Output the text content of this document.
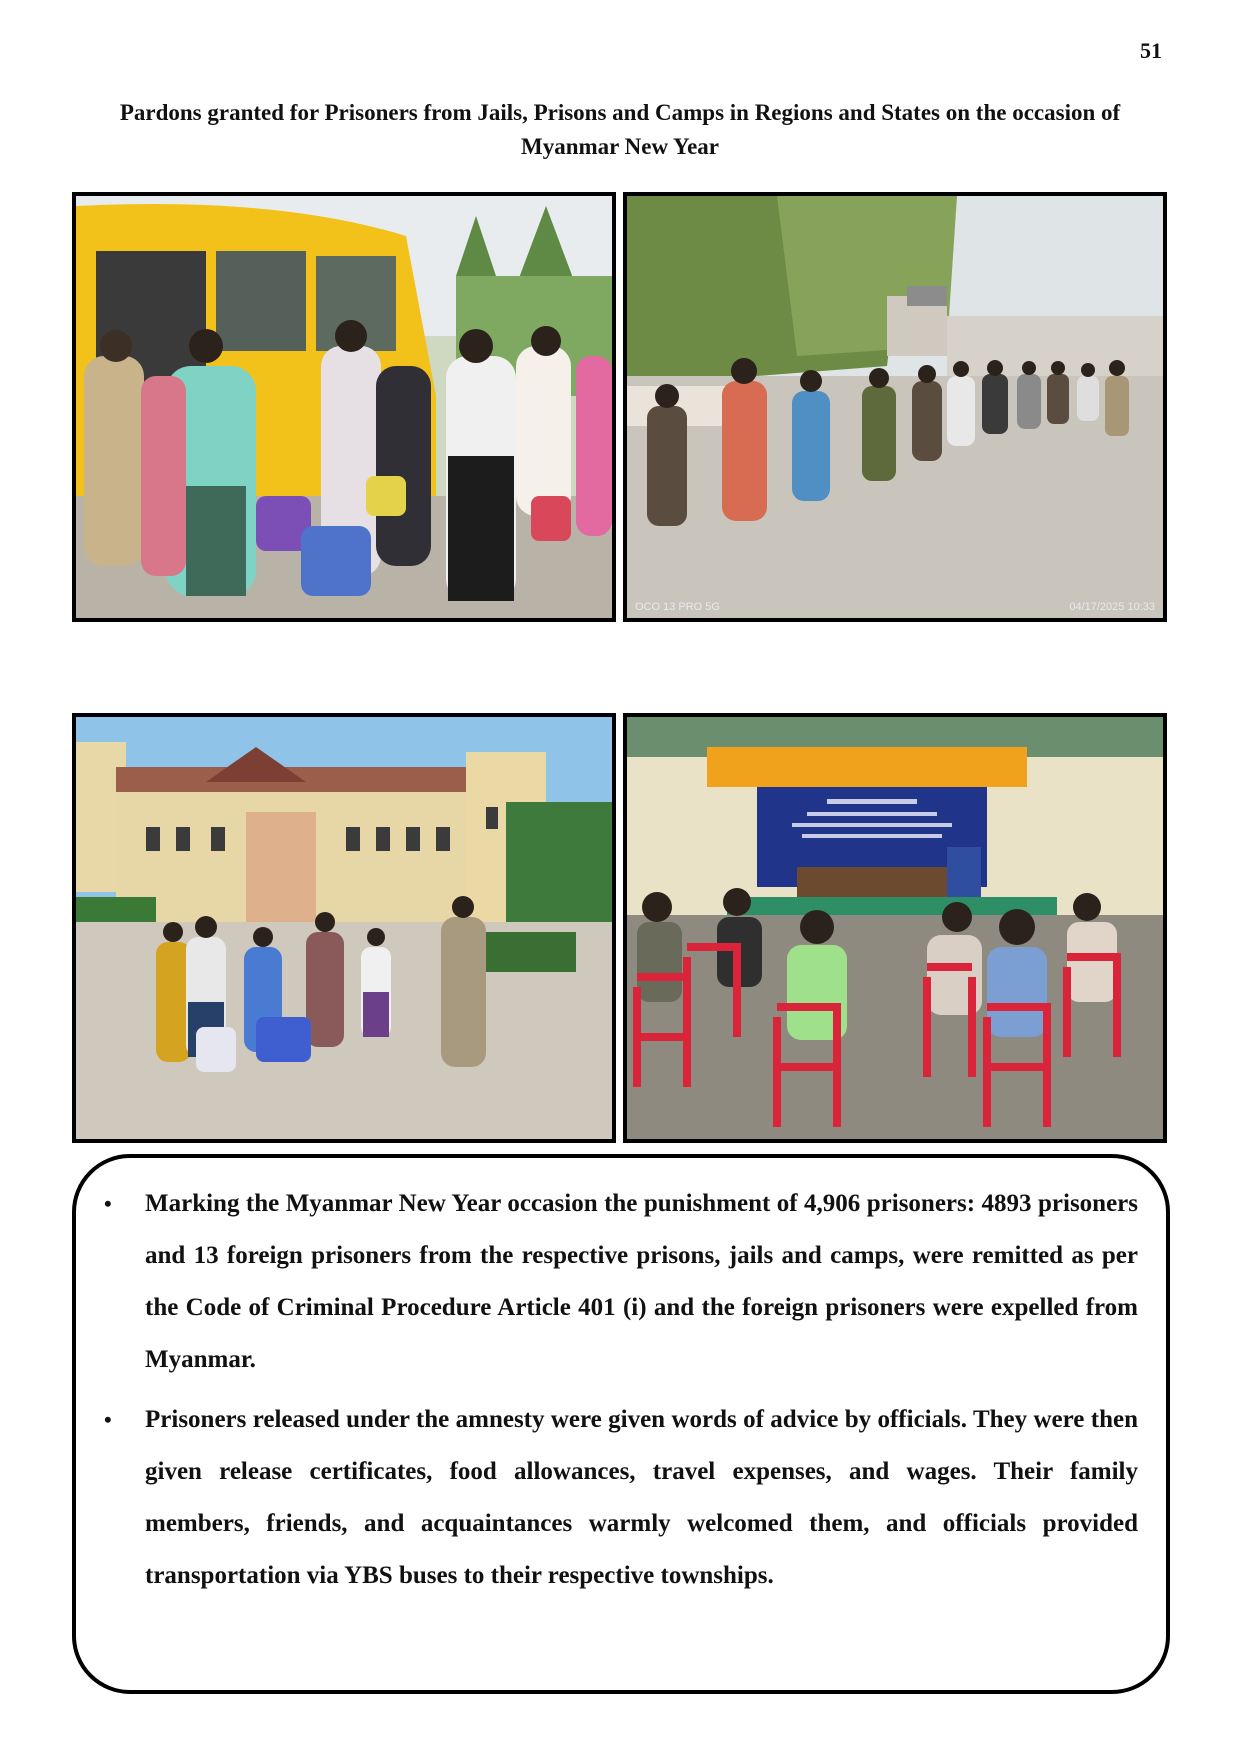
51
Pardons granted for Prisoners from Jails, Prisons and Camps in Regions and States on the occasion of Myanmar New Year
OCO 13 PRO 5G	04/17/2025 10:33
• Marking the Myanmar New Year occasion the punishment of 4,906 prisoners: 4893 prisoners and 13 foreign prisoners from the respective prisons, jails and camps, were remitted as per the Code of Criminal Procedure Article 401 (i) and the foreign prisoners were expelled from Myanmar.
• Prisoners released under the amnesty were given words of advice by officials. They were then given release certificates, food allowances, travel expenses, and wages. Their family members, friends, and acquaintances warmly welcomed them, and officials provided transportation via YBS buses to their respective townships.
